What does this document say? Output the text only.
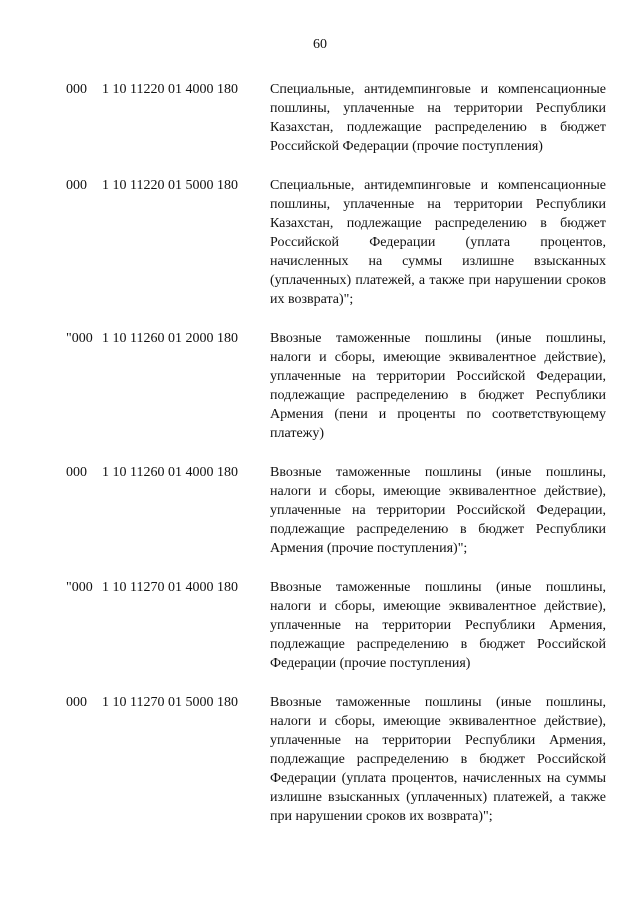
60
000 1 10 11220 01 4000 180 Специальные, антидемпинговые и компенсационные пошлины, уплаченные на территории Республики Казахстан, подлежащие распределению в бюджет Российской Федерации (прочие поступления)
000 1 10 11220 01 5000 180 Специальные, антидемпинговые и компенсационные пошлины, уплаченные на территории Республики Казахстан, подлежащие распределению в бюджет Российской Федерации (уплата процентов, начисленных на суммы излишне взысканных (уплаченных) платежей, а также при нарушении сроков их возврата)";
"000 1 10 11260 01 2000 180 Ввозные таможенные пошлины (иные пошлины, налоги и сборы, имеющие эквивалентное действие), уплаченные на территории Российской Федерации, подлежащие распределению в бюджет Республики Армения (пени и проценты по соответствующему платежу)
000 1 10 11260 01 4000 180 Ввозные таможенные пошлины (иные пошлины, налоги и сборы, имеющие эквивалентное действие), уплаченные на территории Российской Федерации, подлежащие распределению в бюджет Республики Армения (прочие поступления)";
"000 1 10 11270 01 4000 180 Ввозные таможенные пошлины (иные пошлины, налоги и сборы, имеющие эквивалентное действие), уплаченные на территории Республики Армения, подлежащие распределению в бюджет Российской Федерации (прочие поступления)
000 1 10 11270 01 5000 180 Ввозные таможенные пошлины (иные пошлины, налоги и сборы, имеющие эквивалентное действие), уплаченные на территории Республики Армения, подлежащие распределению в бюджет Российской Федерации (уплата процентов, начисленных на суммы излишне взысканных (уплаченных) платежей, а также при нарушении сроков их возврата)";
